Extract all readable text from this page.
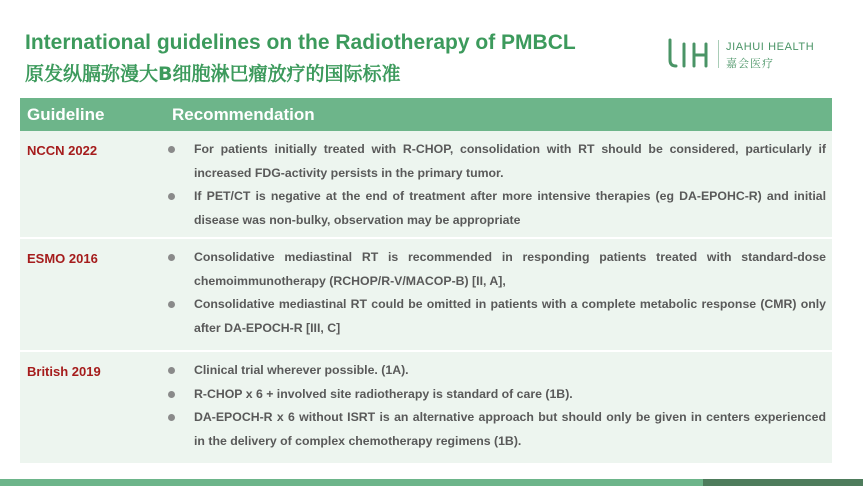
International guidelines on the Radiotherapy of PMBCL
原发纵膈弥漫大B细胞淋巴瘤放疗的国际标准
JIAHUI HEALTH
嘉会医疗
Guideline	Recommendation
NCCN 2022	For patients initially treated with R-CHOP, consolidation with RT should be considered, particularly if increased FDG-activity persists in the primary tumor.
If PET/CT is negative at the end of treatment after more intensive therapies (eg DA-EPOHC-R) and initial disease was non-bulky, observation may be appropriate
ESMO 2016	Consolidative mediastinal RT is recommended in responding patients treated with standard-dose chemoimmunotherapy (RCHOP/R-V/MACOP-B) [II, A],
Consolidative mediastinal RT could be omitted in patients with a complete metabolic response (CMR) only after DA-EPOCH-R [III, C]
British 2019	Clinical trial wherever possible. (1A).
R-CHOP x 6 + involved site radiotherapy is standard of care (1B).
DA-EPOCH-R x 6 without ISRT is an alternative approach but should only be given in centers experienced in the delivery of complex chemotherapy regimens (1B).
